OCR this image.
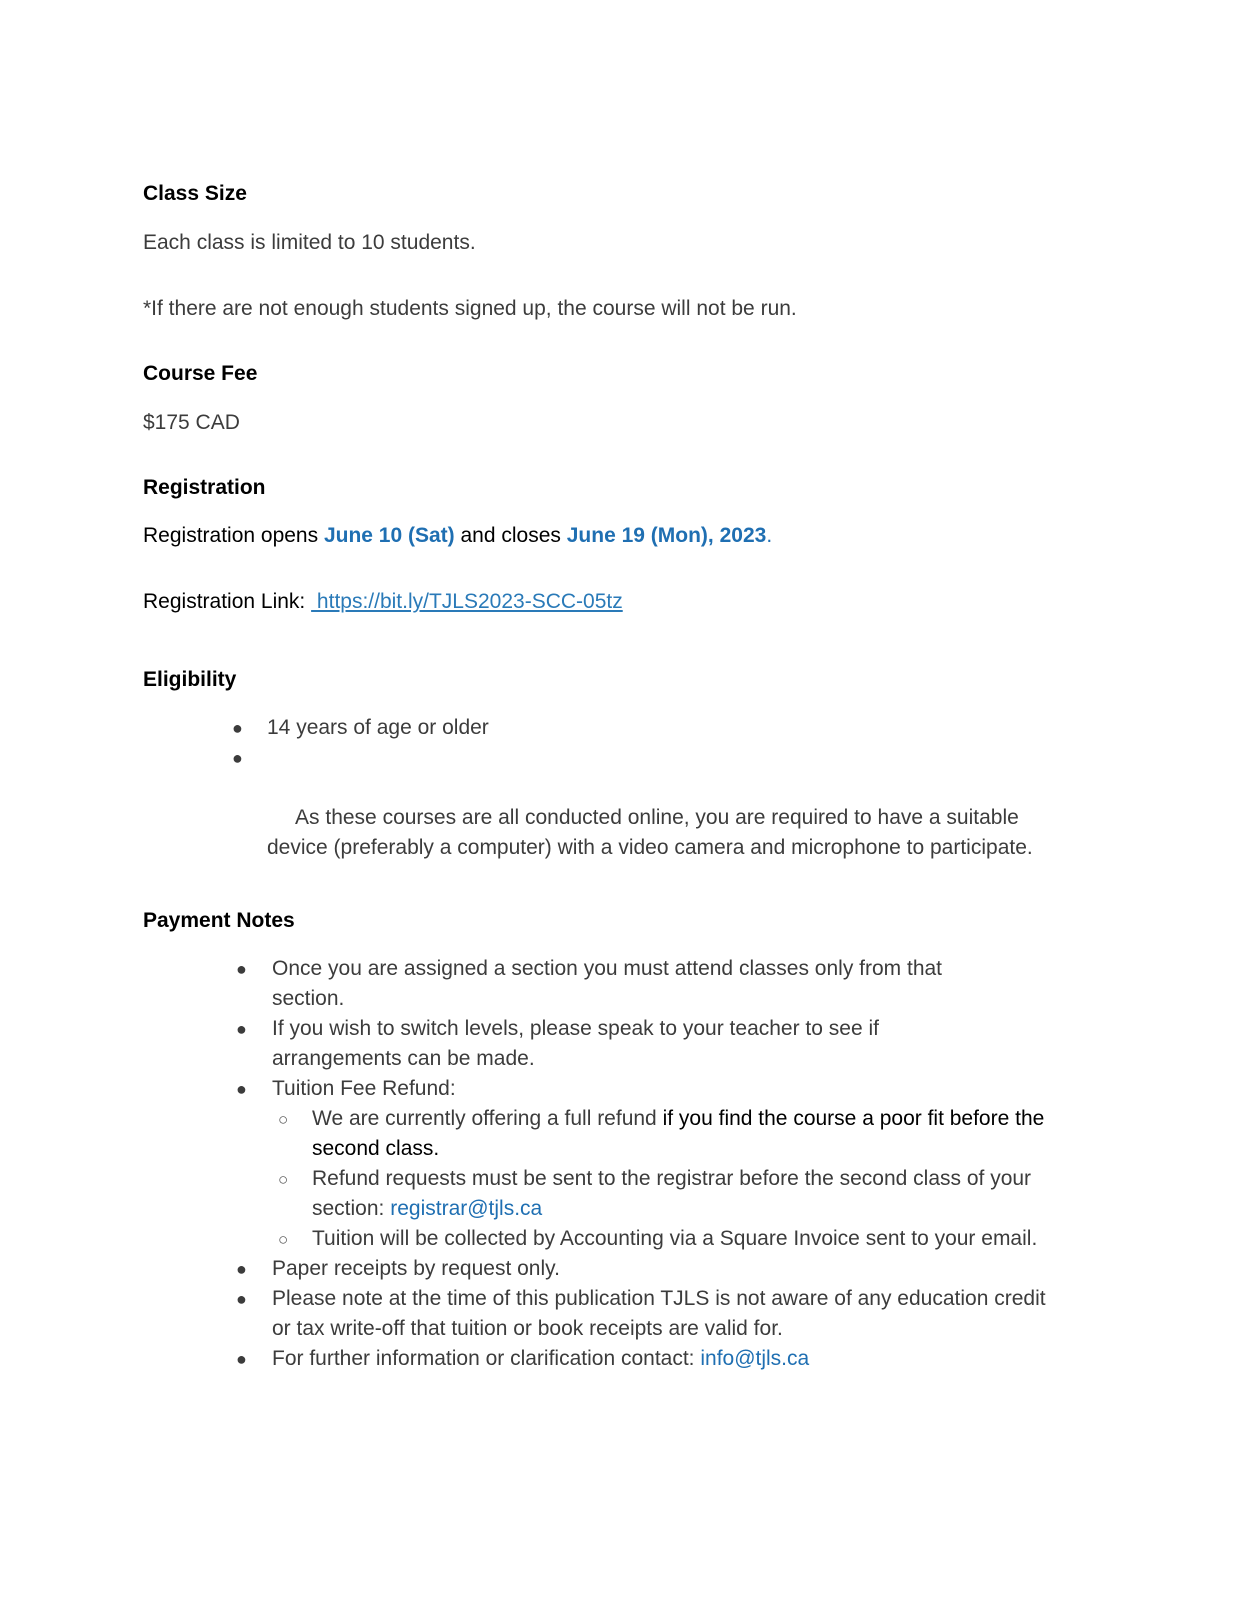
Class Size
Each class is limited to 10 students.
*If there are not enough students signed up, the course will not be run.
Course Fee
$175 CAD
Registration
Registration opens June 10 (Sat) and closes June 19 (Mon), 2023.
Registration Link:  https://bit.ly/TJLS2023-SCC-05tz
Eligibility
● 14 years of age or older

●

As these courses are all conducted online, you are required to have a suitable device (preferably a computer) with a video camera and microphone to participate.

Payment Notes
● Once you are assigned a section you must attend classes only from that section.
● If you wish to switch levels, please speak to your teacher to see if arrangements can be made.
● Tuition Fee Refund:
○ We are currently offering a full refund if you find the course a poor fit before the second class.
○ Refund requests must be sent to the registrar before the second class of your section: registrar@tjls.ca
○ Tuition will be collected by Accounting via a Square Invoice sent to your email.
● Paper receipts by request only.
● Please note at the time of this publication TJLS is not aware of any education credit or tax write-off that tuition or book receipts are valid for.
● For further information or clarification contact: info@tjls.ca
